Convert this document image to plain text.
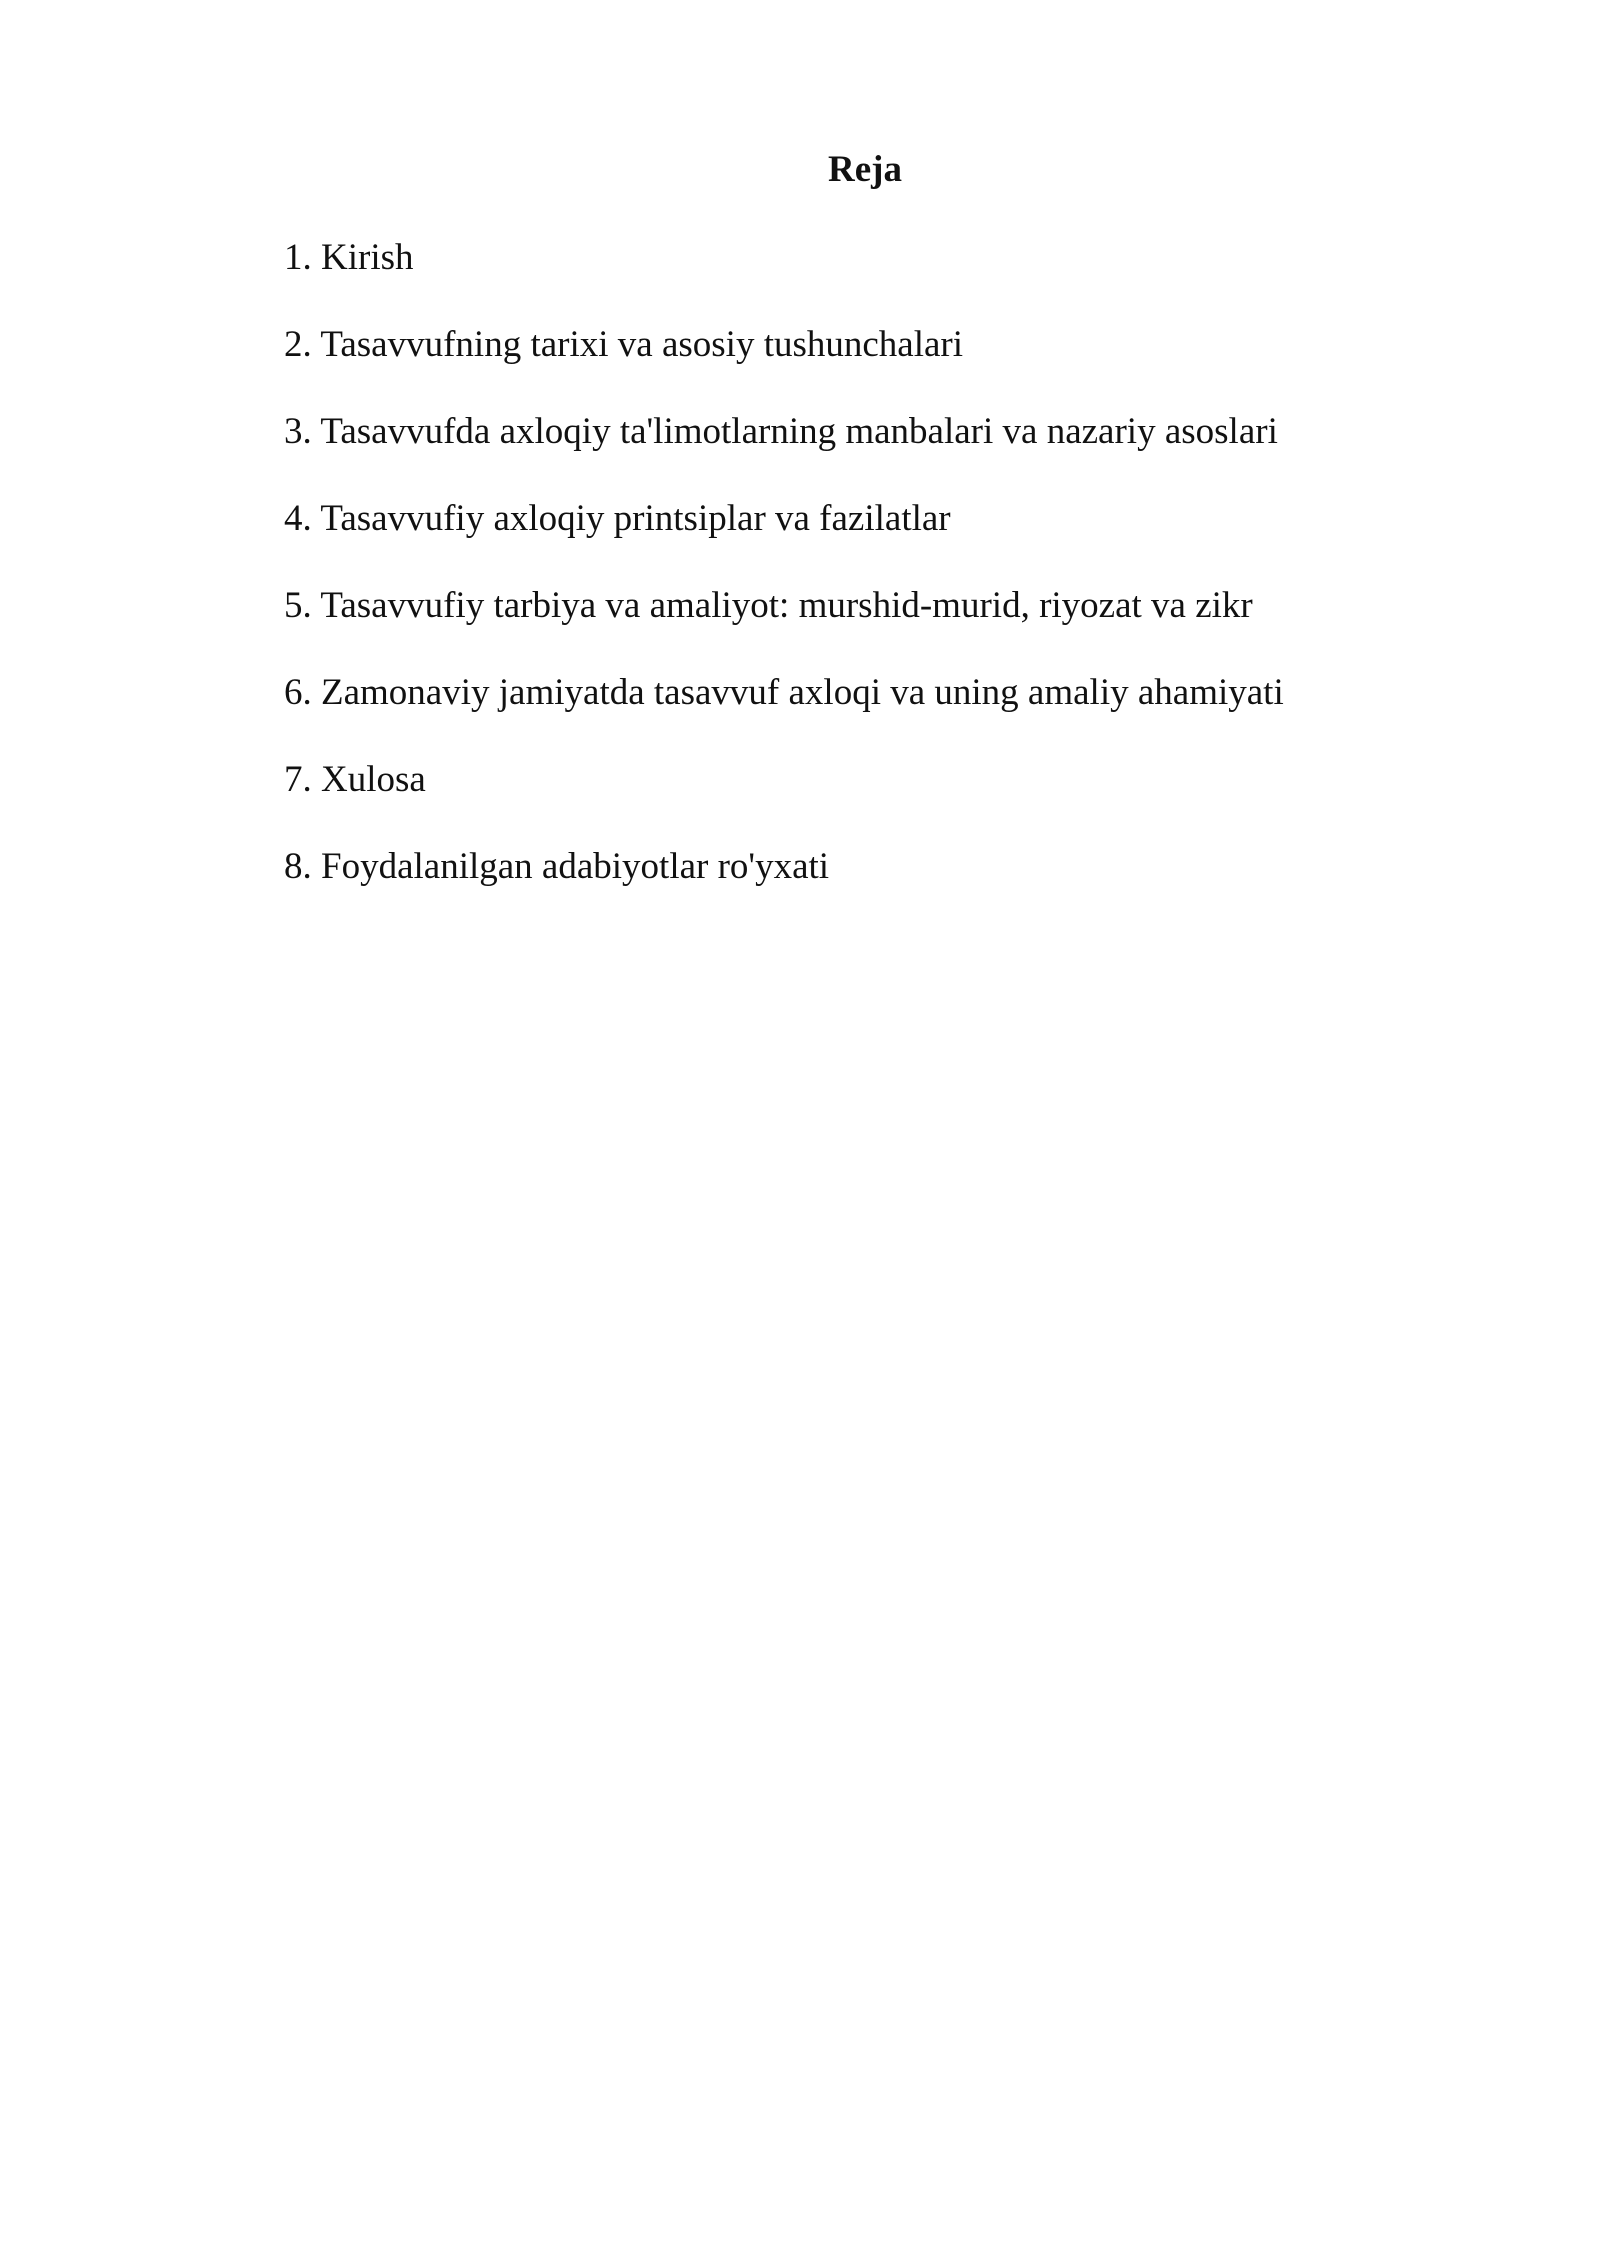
Reja
1. Kirish
2. Tasavvufning tarixi va asosiy tushunchalari
3. Tasavvufda axloqiy ta'limotlarning manbalari va nazariy asoslari
4. Tasavvufiy axloqiy printsiplar va fazilatlar
5. Tasavvufiy tarbiya va amaliyot: murshid-murid, riyozat va zikr
6. Zamonaviy jamiyatda tasavvuf axloqi va uning amaliy ahamiyati
7. Xulosa
8. Foydalanilgan adabiyotlar ro'yxati
